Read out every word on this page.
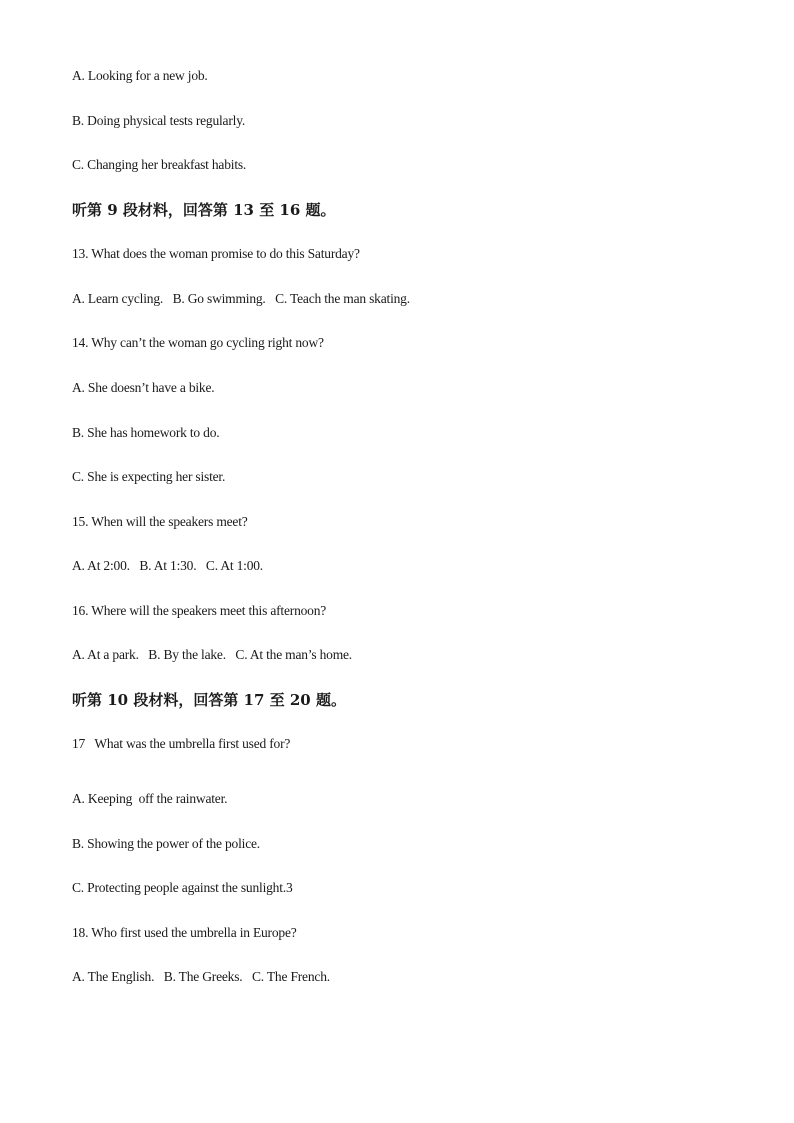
A. Looking for a new job.
B. Doing physical tests regularly.
C. Changing her breakfast habits.
听第 9 段材料，回答第 13 至 16 题。
13. What does the woman promise to do this Saturday?
A. Learn cycling.   B. Go swimming.   C. Teach the man skating.
14. Why can’t the woman go cycling right now?
A. She doesn’t have a bike.
B. She has homework to do.
C. She is expecting her sister.
15. When will the speakers meet?
A. At 2:00.   B. At 1:30.   C. At 1:00.
16. Where will the speakers meet this afternoon?
A. At a park.   B. By the lake.   C. At the man’s home.
听第 10 段材料，回答第 17 至 20 题。
17   What was the umbrella first used for?
A. Keeping  off the rainwater.
B. Showing the power of the police.
C. Protecting people against the sunlight.3
18. Who first used the umbrella in Europe?
A. The English.   B. The Greeks.   C. The French.
